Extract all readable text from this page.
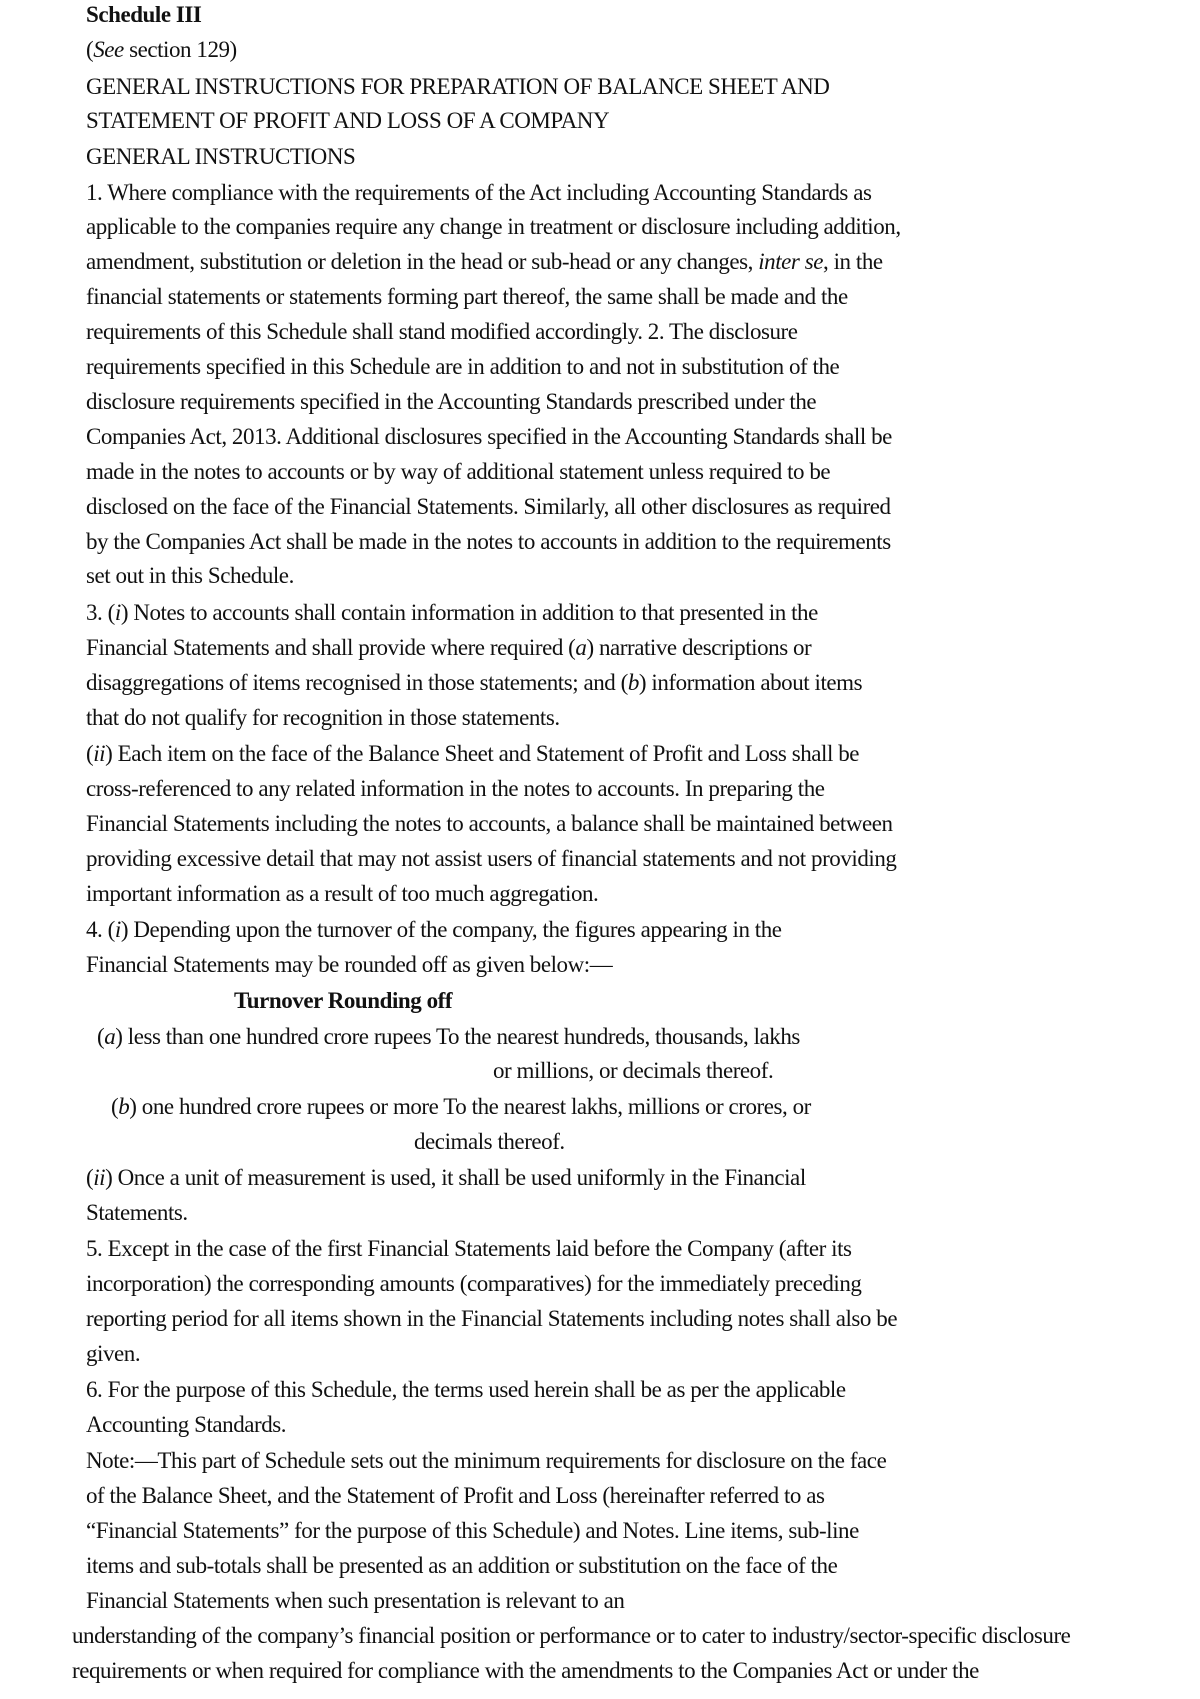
Schedule III
(See section 129)
GENERAL INSTRUCTIONS FOR PREPARATION OF BALANCE SHEET AND
STATEMENT OF PROFIT AND LOSS OF A COMPANY
GENERAL INSTRUCTIONS
1. Where compliance with the requirements of the Act including Accounting Standards as
applicable to the companies require any change in treatment or disclosure including addition,
amendment, substitution or deletion in the head or sub-head or any changes, inter se, in the
financial statements or statements forming part thereof, the same shall be made and the
requirements of this Schedule shall stand modified accordingly. 2. The disclosure
requirements specified in this Schedule are in addition to and not in substitution of the
disclosure requirements specified in the Accounting Standards prescribed under the
Companies Act, 2013. Additional disclosures specified in the Accounting Standards shall be
made in the notes to accounts or by way of additional statement unless required to be
disclosed on the face of the Financial Statements. Similarly, all other disclosures as required
by the Companies Act shall be made in the notes to accounts in addition to the requirements
set out in this Schedule.
3. (i) Notes to accounts shall contain information in addition to that presented in the
Financial Statements and shall provide where required (a) narrative descriptions or
disaggregations of items recognised in those statements; and (b) information about items
that do not qualify for recognition in those statements.
(ii) Each item on the face of the Balance Sheet and Statement of Profit and Loss shall be
cross-referenced to any related information in the notes to accounts. In preparing the
Financial Statements including the notes to accounts, a balance shall be maintained between
providing excessive detail that may not assist users of financial statements and not providing
important information as a result of too much aggregation.
4. (i) Depending upon the turnover of the company, the figures appearing in the
Financial Statements may be rounded off as given below:—
Turnover Rounding off
(a) less than one hundred crore rupees To the nearest hundreds, thousands, lakhs
or millions, or decimals thereof.
(b) one hundred crore rupees or more To the nearest lakhs, millions or crores, or
decimals thereof.
(ii) Once a unit of measurement is used, it shall be used uniformly in the Financial
Statements.
5. Except in the case of the first Financial Statements laid before the Company (after its
incorporation) the corresponding amounts (comparatives) for the immediately preceding
reporting period for all items shown in the Financial Statements including notes shall also be
given.
6. For the purpose of this Schedule, the terms used herein shall be as per the applicable
Accounting Standards.
Note:—This part of Schedule sets out the minimum requirements for disclosure on the face
of the Balance Sheet, and the Statement of Profit and Loss (hereinafter referred to as
“Financial Statements” for the purpose of this Schedule) and Notes. Line items, sub-line
items and sub-totals shall be presented as an addition or substitution on the face of the
Financial Statements when such presentation is relevant to an
understanding of the company’s financial position or performance or to cater to industry/sector-specific disclosure
requirements or when required for compliance with the amendments to the Companies Act or under the
